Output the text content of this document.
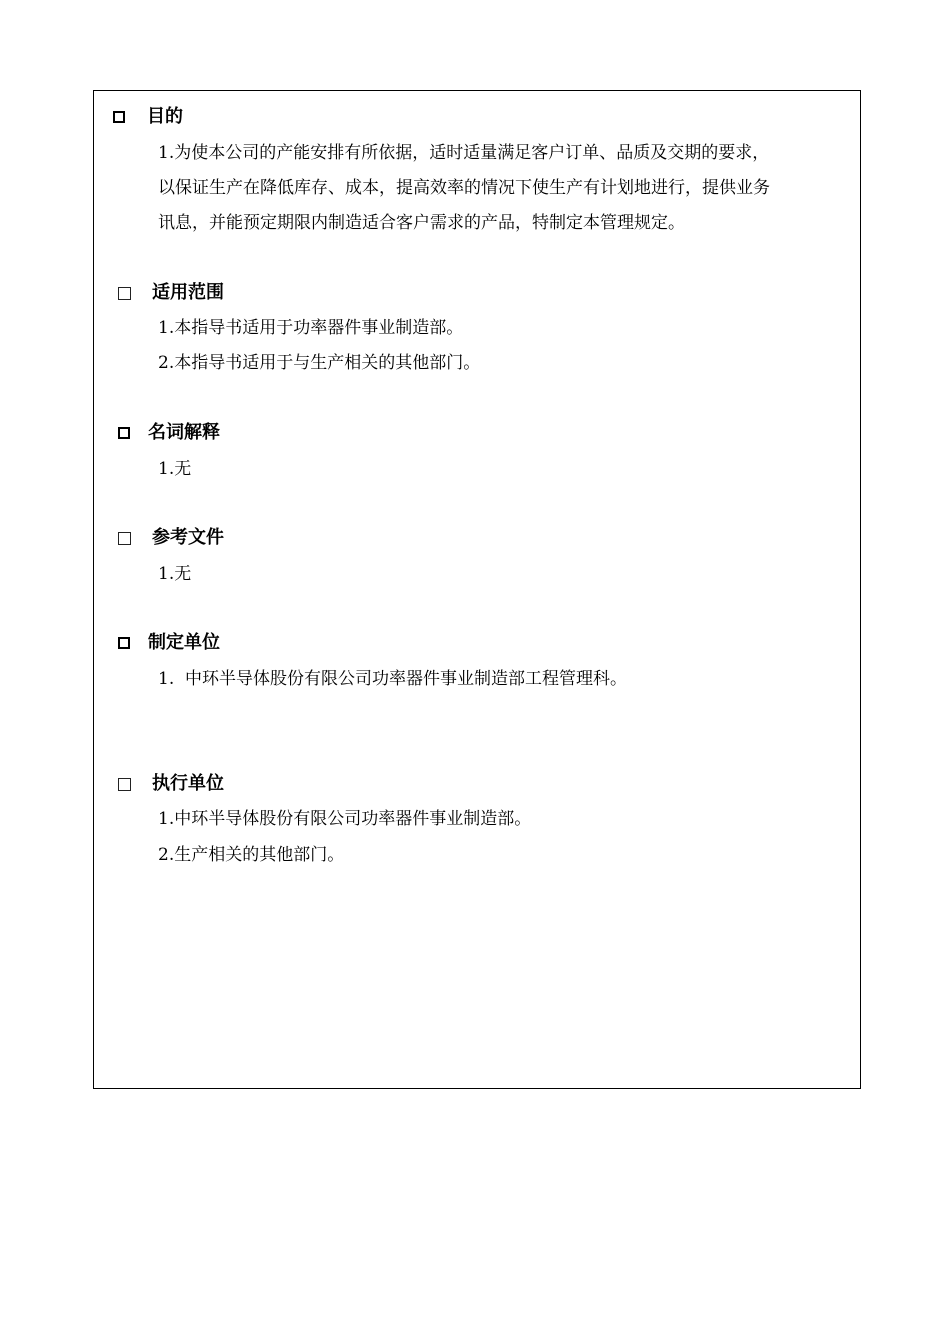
目的
1.为使本公司的产能安排有所依据，适时适量满足客户订单、品质及交期的要求，
以保证生产在降低库存、成本，提高效率的情况下使生产有计划地进行，提供业务
讯息，并能预定期限内制造适合客户需求的产品，特制定本管理规定。
适用范围
1.本指导书适用于功率器件事业制造部。
2.本指导书适用于与生产相关的其他部门。
名词解释
1.无
参考文件
1.无
制定单位
1.  中环半导体股份有限公司功率器件事业制造部工程管理科。
执行单位
1.中环半导体股份有限公司功率器件事业制造部。
2.生产相关的其他部门。
